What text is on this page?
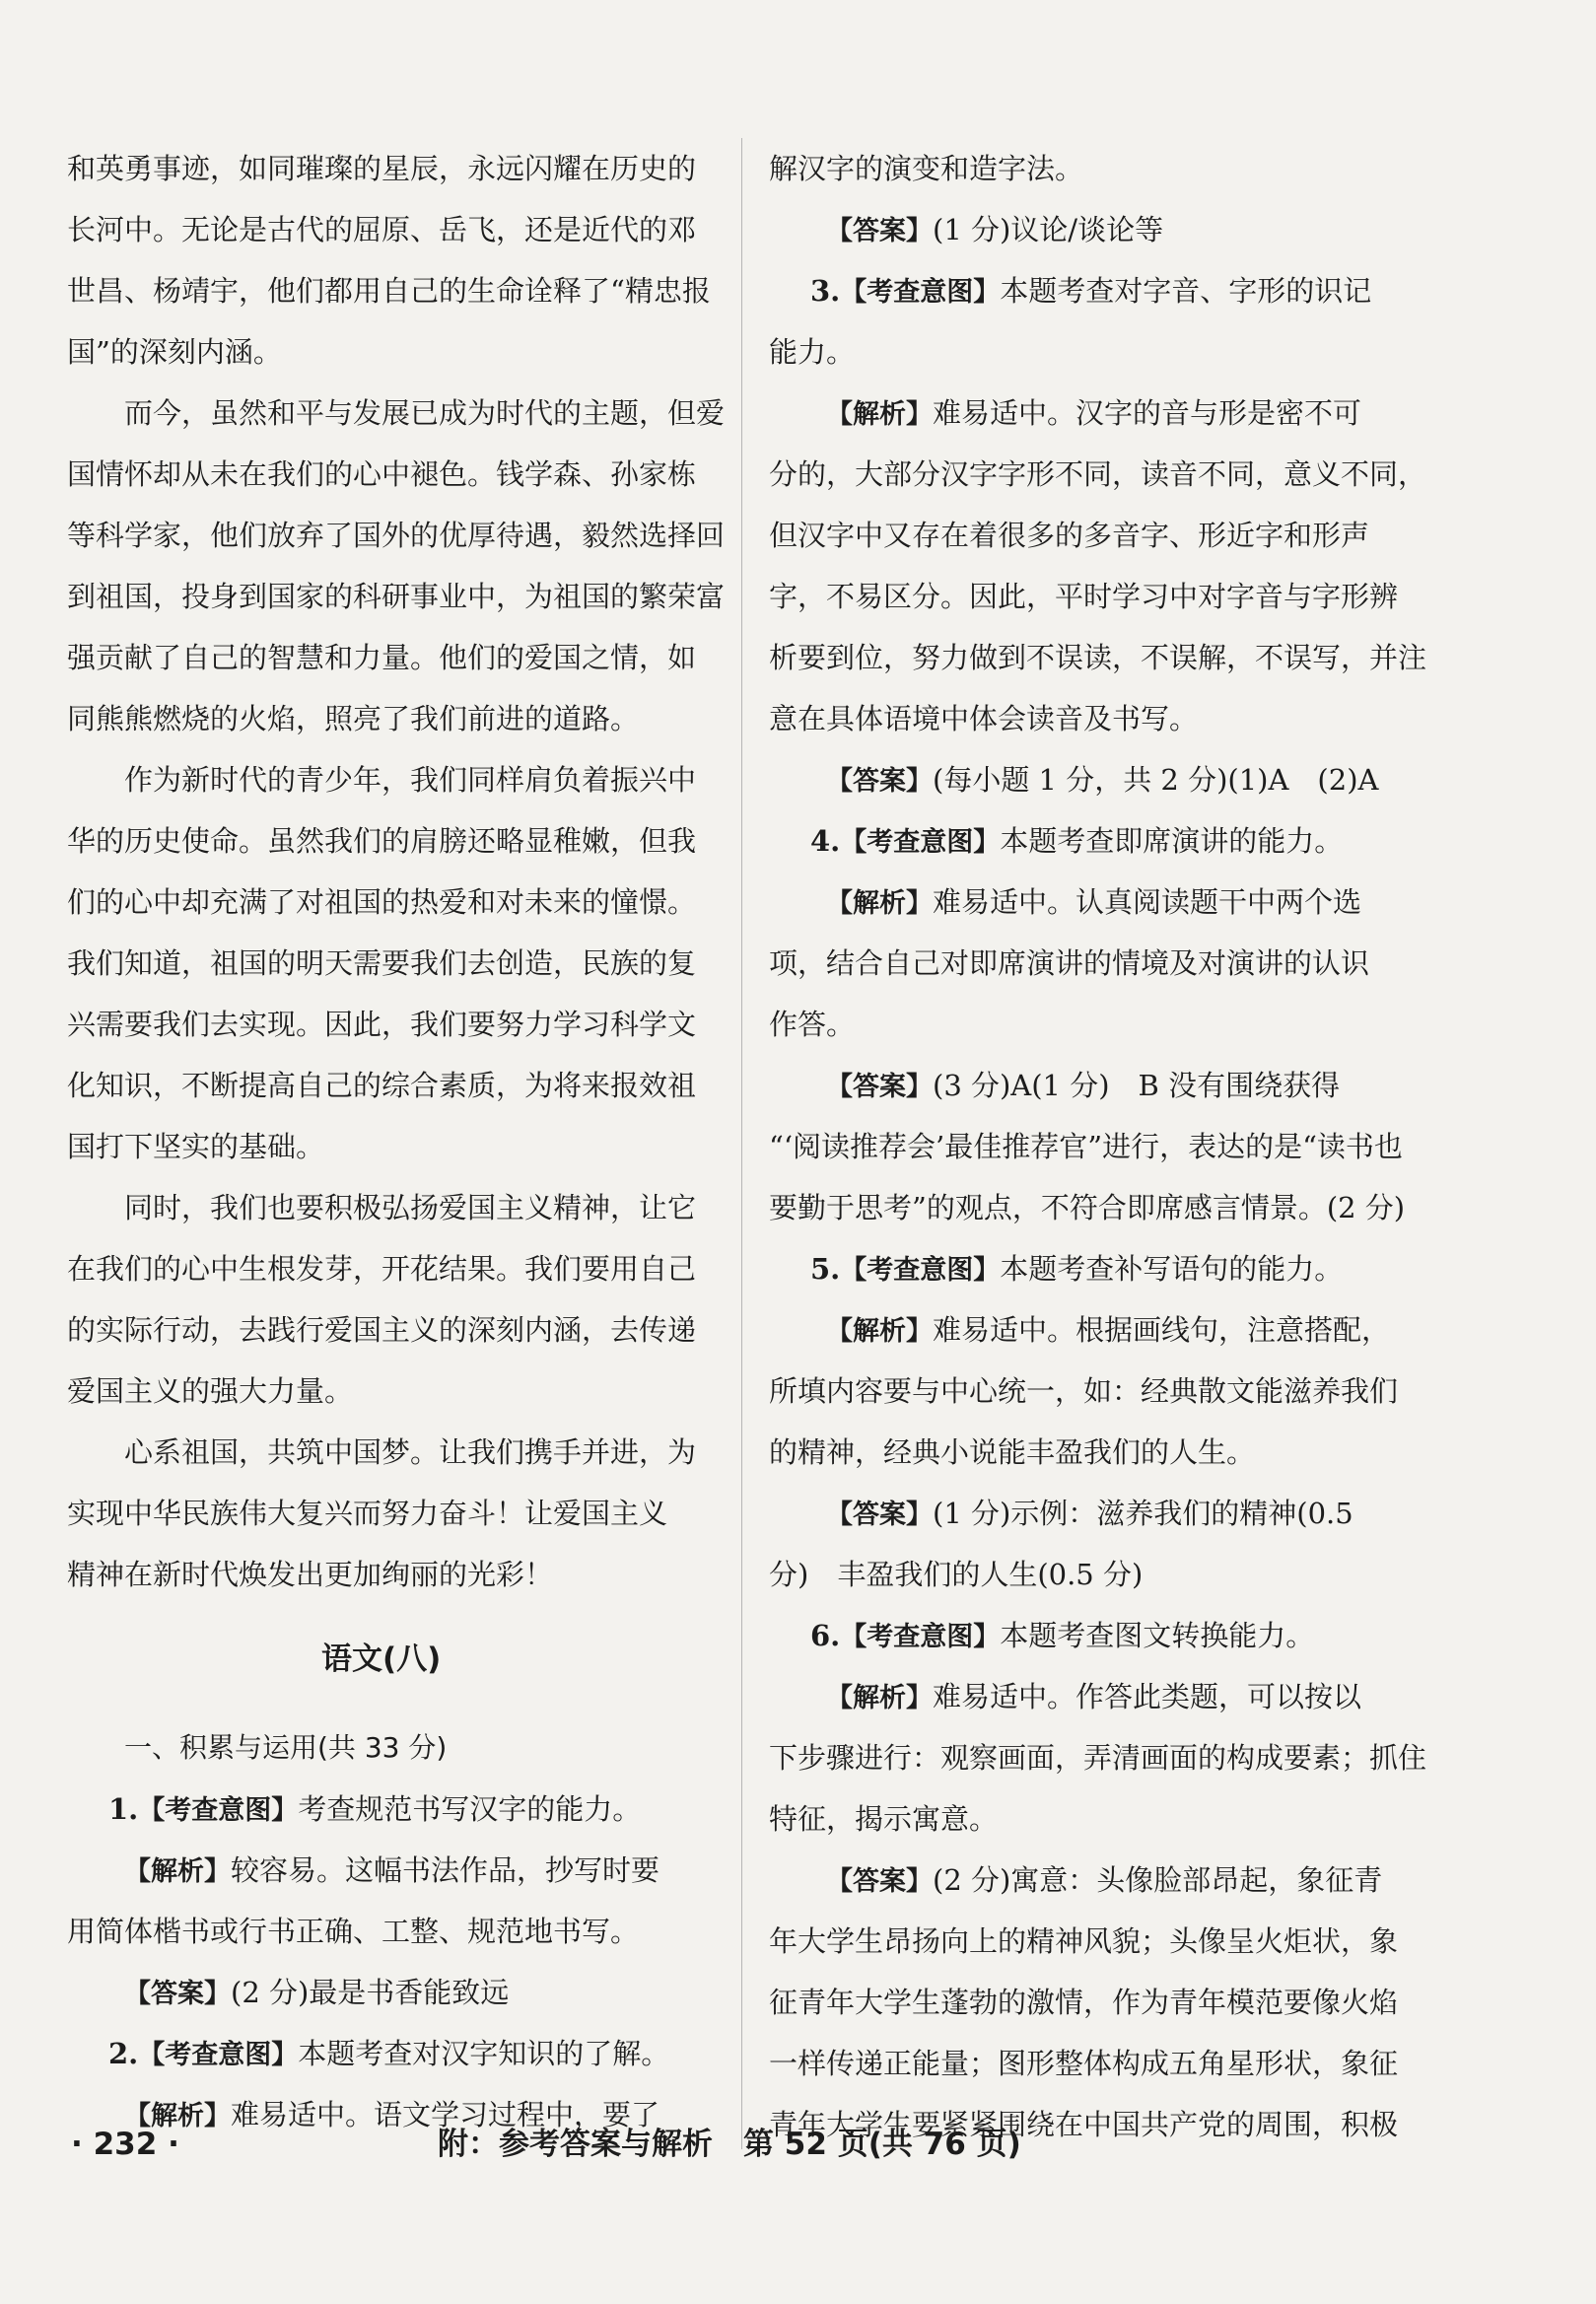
和英勇事迹，如同璀璨的星辰，永远闪耀在历史的
长河中。无论是古代的屈原、岳飞，还是近代的邓
世昌、杨靖宇，他们都用自己的生命诠释了“精忠报
国”的深刻内涵。
而今，虽然和平与发展已成为时代的主题，但爱
国情怀却从未在我们的心中褪色。钱学森、孙家栋
等科学家，他们放弃了国外的优厚待遇，毅然选择回
到祖国，投身到国家的科研事业中，为祖国的繁荣富
强贡献了自己的智慧和力量。他们的爱国之情，如
同熊熊燃烧的火焰，照亮了我们前进的道路。
作为新时代的青少年，我们同样肩负着振兴中
华的历史使命。虽然我们的肩膀还略显稚嫩，但我
们的心中却充满了对祖国的热爱和对未来的憧憬。
我们知道，祖国的明天需要我们去创造，民族的复
兴需要我们去实现。因此，我们要努力学习科学文
化知识，不断提高自己的综合素质，为将来报效祖
国打下坚实的基础。
同时，我们也要积极弘扬爱国主义精神，让它
在我们的心中生根发芽，开花结果。我们要用自己
的实际行动，去践行爱国主义的深刻内涵，去传递
爱国主义的强大力量。
心系祖国，共筑中国梦。让我们携手并进，为
实现中华民族伟大复兴而努力奋斗！让爱国主义
精神在新时代焕发出更加绚丽的光彩！
语文(八)
一、积累与运用(共 33 分)
1.【考查意图】考查规范书写汉字的能力。
【解析】较容易。这幅书法作品，抄写时要
用简体楷书或行书正确、工整、规范地书写。
【答案】(2 分)最是书香能致远
2.【考查意图】本题考查对汉字知识的了解。
【解析】难易适中。语文学习过程中，要了
解汉字的演变和造字法。
【答案】(1 分)议论/谈论等
3.【考查意图】本题考查对字音、字形的识记
能力。
【解析】难易适中。汉字的音与形是密不可
分的，大部分汉字字形不同，读音不同，意义不同，
但汉字中又存在着很多的多音字、形近字和形声
字，不易区分。因此，平时学习中对字音与字形辨
析要到位，努力做到不误读，不误解，不误写，并注
意在具体语境中体会读音及书写。
【答案】(每小题 1 分，共 2 分)(1)A　(2)A
4.【考查意图】本题考查即席演讲的能力。
【解析】难易适中。认真阅读题干中两个选
项，结合自己对即席演讲的情境及对演讲的认识
作答。
【答案】(3 分)A(1 分)　B 没有围绕获得
“‘阅读推荐会’最佳推荐官”进行，表达的是“读书也
要勤于思考”的观点，不符合即席感言情景。(2 分)
5.【考查意图】本题考查补写语句的能力。
【解析】难易适中。根据画线句，注意搭配，
所填内容要与中心统一，如：经典散文能滋养我们
的精神，经典小说能丰盈我们的人生。
【答案】(1 分)示例：滋养我们的精神(0.5
分)　丰盈我们的人生(0.5 分)
6.【考查意图】本题考查图文转换能力。
【解析】难易适中。作答此类题，可以按以
下步骤进行：观察画面，弄清画面的构成要素；抓住
特征，揭示寓意。
【答案】(2 分)寓意：头像脸部昂起，象征青
年大学生昂扬向上的精神风貌；头像呈火炬状，象
征青年大学生蓬勃的激情，作为青年模范要像火焰
一样传递正能量；图形整体构成五角星形状，象征
青年大学生要紧紧围绕在中国共产党的周围，积极
· 232 ·	附：参考答案与解析　第 52 页(共 76 页)
